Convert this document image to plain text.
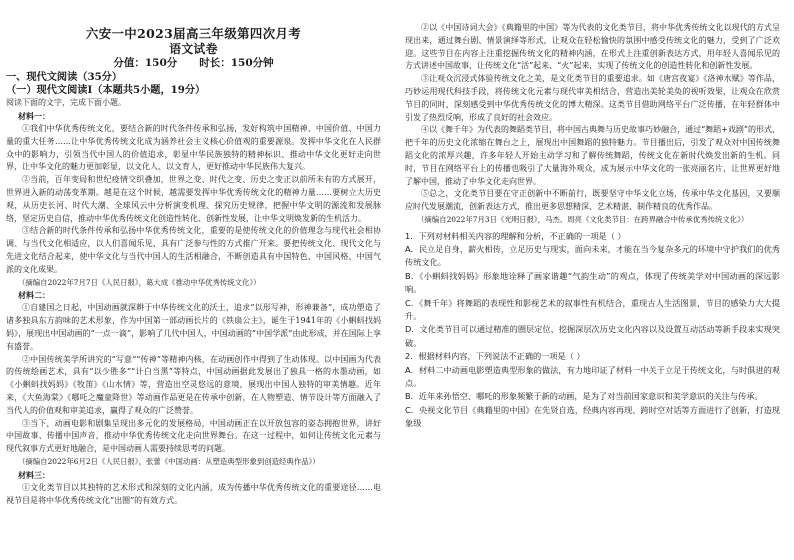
六安一中2023届高三年级第四次月考
语文试卷
分值：150分 时长：150分钟
一、现代文阅读（35分）
（一）现代文阅读Ⅰ（本题共5小题，19分）

阅读下面的文字，完成下面小题。

材料一：

①我们中华优秀传统文化，要结合新的时代条件传承和弘扬，发好构筑中国精神、中国价值、中国力量的重大任务……让中华优秀传统文化成为涵养社会主义核心价值观的重要源泉。发挥中华文化在人民群众中的影响力，引领当代中国人的价值追求，彰显中华民族独特的精神标识、推动中华文化更好走向世界，让中华文化的魅力更加彰显，以文化人、以文育人，更好推动中华民族伟大复兴。

②当前，百年变局和世纪疫情交织叠加，世界之变、时代之变、历史之变正以前所未有的方式展开，世界进入新的动荡变革期。越是在这个时候，越需要发挥中华优秀传统文化的精神力量……要树立大历史观，从历史长河、时代大潮、全球风云中分析演变机理、探究历史规律，把握中华文明的源流和发展脉络，坚定历史自信，推动中华优秀传统文化创造性转化、创新性发展，让中华文明焕发新的生机活力。

③结合新的时代条件传承和弘扬中华优秀传统文化，重要的是使传统文化的价值理念与现代社会相协调、与当代文化相适应，以人们喜闻乐见、具有广泛参与性的方式推广开来。要把传统文化、现代文化与先进文化结合起来，使中华文化与当代中国人的生活相融合，不断创造具有中国特色、中国风格、中国气派的文化成果。

（摘编自2022年7月7日《人民日报》，葛大成《推动中华优秀传统文化》）

材料二：

①自建国之日起，中国动画就深耕于中华传统文化的沃土，追求“以形写神，形神兼备”，成功塑造了诸多独具东方韵味的艺术形象，作为中国第一部动画长片的《铁扇公主》，诞生于1941年的《小蝌蚪找妈妈》，展现出中国动画的“一点一滴”，影响了几代中国人，中国动画的“中国学派”由此形成，并在国际上享有盛誉。

②中国传统美学所讲究的“写意”“传神”等精神内核，在动画创作中得到了生动体现。以中国画为代表的传统绘画艺术，具有“以少胜多”“计白当黑”等特点，中国动画据此发展出了独具一格的水墨动画，如《小蝌蚪找妈妈》《牧笛》《山水情》等，营造出空灵悠远的意境，展现出中国人独特的审美情趣。近年来，《大鱼海棠》《哪吒之魔童降世》等动画作品更是在传承中创新，在人物塑造、情节设计等方面融入了当代人的价值观和审美追求，赢得了观众的广泛赞誉。

③当下，动画电影和剧集呈现出多元化的发展格局，中国动画正在以开放包容的姿态拥抱世界，讲好中国故事、传播中国声音，推动中华优秀传统文化走向世界舞台。在这一过程中，如何让传统文化元素与现代叙事方式更好地融合，是中国动画人需要持续思考的问题。

（摘编自2022年6月2日《人民日报》，张蕾《中国动画：从塑造典型形象到创造经典作品》）

材料三：

①文化类节目以其独特的艺术形式和深刻的文化内涵，成为传播中华优秀传统文化的重要途径……电视节目是将中华优秀传统文化“出圈”的有效方式。

②以《中国诗词大会》《典籍里的中国》等为代表的文化类节目，将中华优秀传统文化以现代的方式呈现出来，通过舞台剧、情景演绎等形式，让观众在轻松愉快的氛围中感受传统文化的魅力，受到了广泛欢迎。这些节目在内容上注重挖掘传统文化的精神内涵，在形式上注重创新表达方式，用年轻人喜闻乐见的方式讲述中国故事，让传统文化“活”起来、“火”起来，实现了传统文化的创造性转化和创新性发展。

③让观众沉浸式体验传统文化之美，是文化类节目的重要追求。如《唐宫夜宴》《洛神水赋》等作品，巧妙运用现代科技手段，将传统文化元素与现代审美相结合，营造出美轮美奂的视听效果，让观众在欣赏节目的同时，深刻感受到中华优秀传统文化的博大精深。这类节目借助网络平台广泛传播，在年轻群体中引发了热烈反响，形成了良好的社会效应。

④以《舞千年》为代表的舞蹈类节目，将中国古典舞与历史故事巧妙融合，通过“舞蹈+戏剧”的形式，把千年的历史文化浓缩在舞台之上，展现出中国舞蹈的独特魅力。节目播出后，引发了观众对中国传统舞蹈文化的浓厚兴趣，许多年轻人开始主动学习和了解传统舞蹈，传统文化在新时代焕发出新的生机。同时，节目在网络平台上的传播也吸引了大量海外观众，成为展示中华文化的一张亮丽名片，让世界更好地了解中国，推动了中华文化走向世界。

⑤总之，文化类节目要在守正创新中不断前行，既要坚守中华文化立场，传承中华文化基因，又要顺应时代发展潮流，创新表达方式，推出更多思想精深、艺术精湛、制作精良的优秀作品。

（摘编自2022年7月3日《光明日报》，马杰、周亮《文化类节目：在跨界融合中传承优秀传统文化》）

1．下列对材料相关内容的理解和分析，不正确的一项是（ ）

A．民立足自身，薪火相传，立足历史与现实，面向未来，才能在当今复杂多元的环境中守护我们的优秀传统文化。

B．《小蝌蚪找妈妈》形象地诠释了画家谐趣“气韵生动”的观点，体现了传统美学对中国动画的深远影响。

C．《舞千年》将舞蹈的表现性和影视艺术的叙事性有机结合，重现古人生活图景，节目的感染力大大提升。

D．文化类节目可以通过精准的圈层定位、挖掘深层次历史文化内容以及设置互动活动等新手段来实现突破。

2．根据材料内容，下列说法不正确的一项是（ ）

A．材料二中动画电影塑造典型形象的做法，有力地印证了材料一中关于立足于传统文化，与时俱进的观点。

B．近年来孙悟空、哪吒的形象频繁于新的动画，是为了对当前国家意识和美学意识的关注与传承。

C．央视文化节目《典籍里的中国》在先贤自选，经典内容再现、跨时空对话等方面进行了创新，打造现象级
